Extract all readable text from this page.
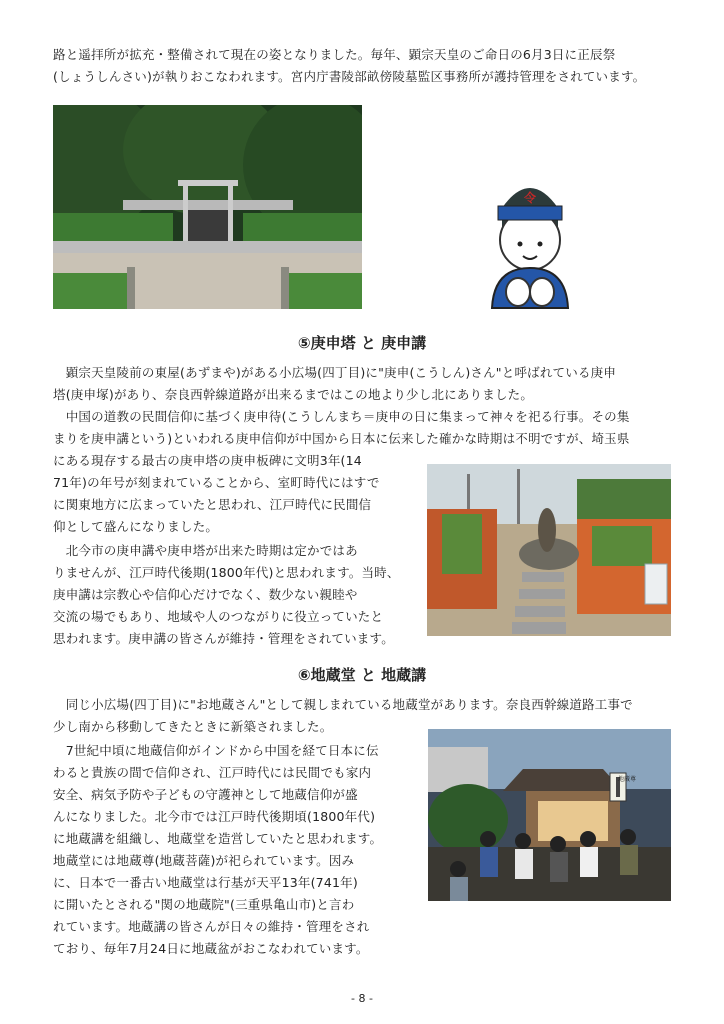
路と遥拝所が拡充・整備されて現在の姿となりました。毎年、顕宗天皇のご命日の6月3日に正辰祭

(しょうしんさい)が執りおこなわれます。宮内庁書陵部畝傍陵墓監区事務所が護持管理をされています。

令
⑤庚申塔 と 庚申講

　顕宗天皇陵前の東屋(あずまや)がある小広場(四丁目)に"庚申(こうしん)さん"と呼ばれている庚申

塔(庚申塚)があり、奈良西幹線道路が出来るまではこの地より少し北にありました。

　中国の道教の民間信仰に基づく庚申待(こうしんまち＝庚申の日に集まって神々を祀る行事。その集

まりを庚申講という)といわれる庚申信仰が中国から日本に伝来した確かな時期は不明ですが、埼玉県

にある現存する最古の庚申塔の庚申板碑に文明3年(14

71年)の年号が刻まれていることから、室町時代にはすで

に関東地方に広まっていたと思われ、江戸時代に民間信

仰として盛んになりました。

　北今市の庚申講や庚申塔が出来た時期は定かではあ

りませんが、江戸時代後期(1800年代)と思われます。当時、

庚申講は宗教心や信仰心だけでなく、数少ない親睦や

交流の場でもあり、地域や人のつながりに役立っていたと

思われます。庚申講の皆さんが維持・管理をされています。

⑥地蔵堂 と 地蔵講

　同じ小広場(四丁目)に"お地蔵さん"として親しまれている地蔵堂があります。奈良西幹線道路工事で

少し南から移動してきたときに新築されました。

　7世紀中頃に地蔵信仰がインドから中国を経て日本に伝

わると貴族の間で信仰され、江戸時代には民間でも家内

安全、病気予防や子どもの守護神として地蔵信仰が盛

んになりました。北今市では江戸時代後期頃(1800年代)

に地蔵講を組織し、地蔵堂を造営していたと思われます。

地蔵堂には地蔵尊(地蔵菩薩)が祀られています。因み

に、日本で一番古い地蔵堂は行基が天平13年(741年)

に開いたとされる"関の地蔵院"(三重県亀山市)と言わ

れています。地蔵講の皆さんが日々の維持・管理をされ

ており、毎年7月24日に地蔵盆がおこなわれています。

地蔵尊
- 8 -
